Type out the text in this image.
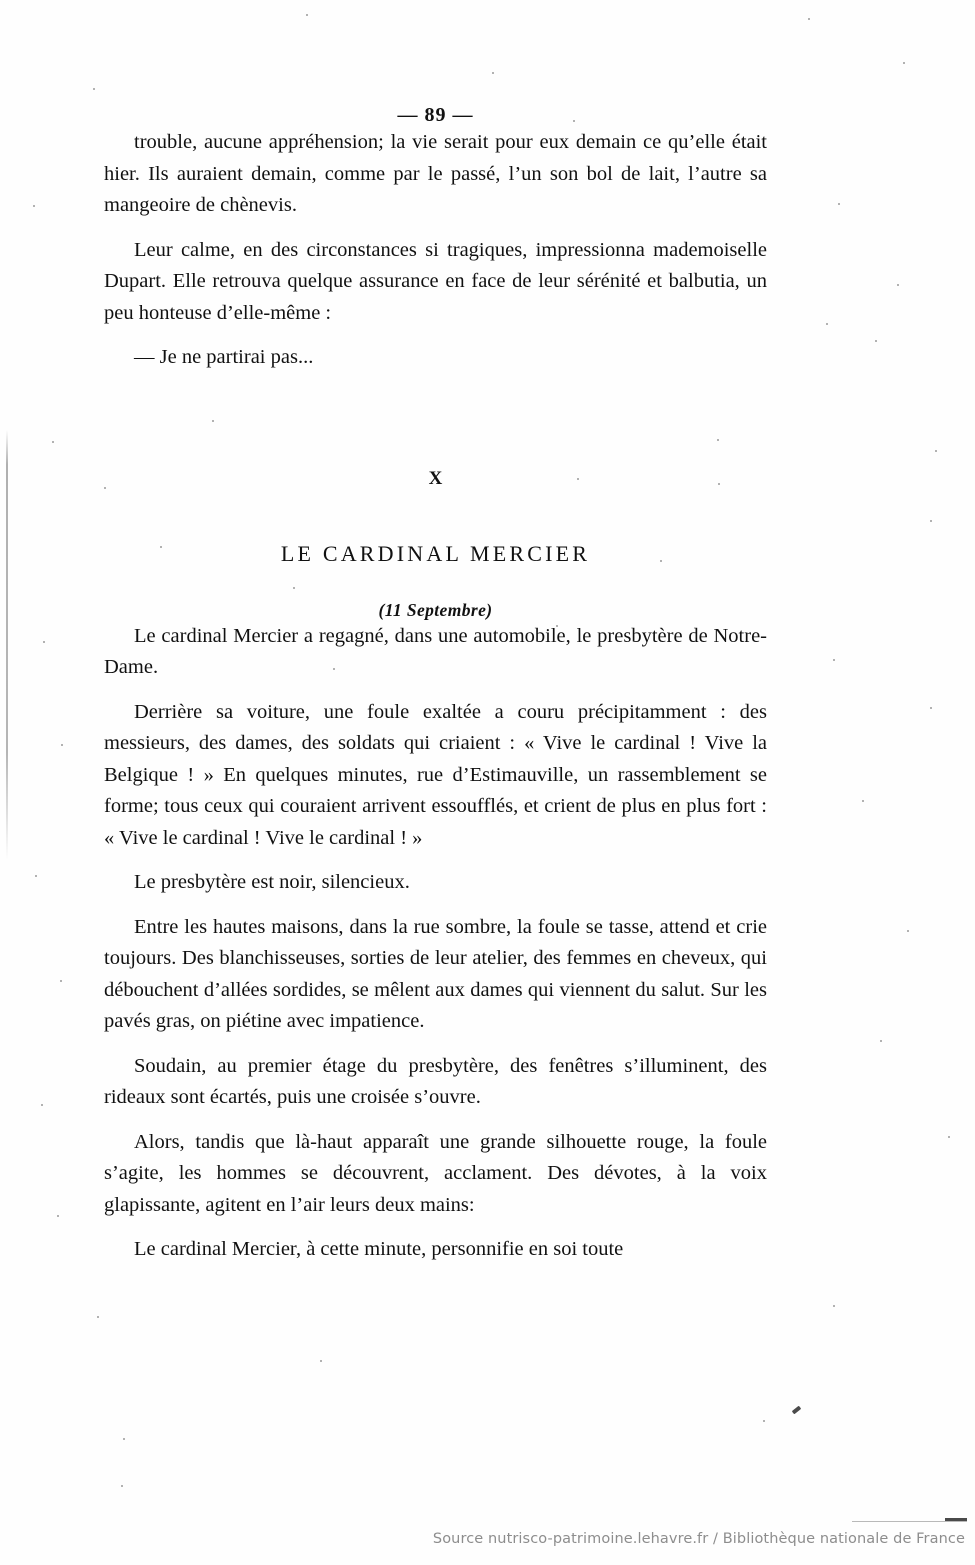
— 89 —

trouble, aucune appréhension; la vie serait pour eux demain ce qu’elle était hier. Ils auraient demain, comme par le passé, l’un son bol de lait, l’autre sa mangeoire de chènevis.

Leur calme, en des circonstances si tragiques, impressionna mademoiselle Dupart. Elle retrouva quelque assurance en face de leur sérénité et balbutia, un peu honteuse d’elle-même :

— Je ne partirai pas...

X
LE CARDINAL MERCIER
(11 Septembre)

Le cardinal Mercier a regagné, dans une automobile, le presbytère de Notre-Dame.

Derrière sa voiture, une foule exaltée a couru précipitamment : des messieurs, des dames, des soldats qui criaient : « Vive le cardinal ! Vive la Belgique ! » En quelques minutes, rue d’Estimauville, un rassemblement se forme; tous ceux qui couraient arrivent essoufflés, et crient de plus en plus fort : « Vive le cardinal ! Vive le cardinal ! »

Le presbytère est noir, silencieux.

Entre les hautes maisons, dans la rue sombre, la foule se tasse, attend et crie toujours. Des blanchisseuses, sorties de leur atelier, des femmes en cheveux, qui débouchent d’allées sordides, se mêlent aux dames qui viennent du salut. Sur les pavés gras, on piétine avec impatience.

Soudain, au premier étage du presbytère, des fenêtres s’illuminent, des rideaux sont écartés, puis une croisée s’ouvre.

Alors, tandis que là-haut apparaît une grande silhouette rouge, la foule s’agite, les hommes se découvrent, acclament. Des dévotes, à la voix glapissante, agitent en l’air leurs deux mains:

Le cardinal Mercier, à cette minute, personnifie en soi toute

Source nutrisco-patrimoine.lehavre.fr / Bibliothèque nationale de France
